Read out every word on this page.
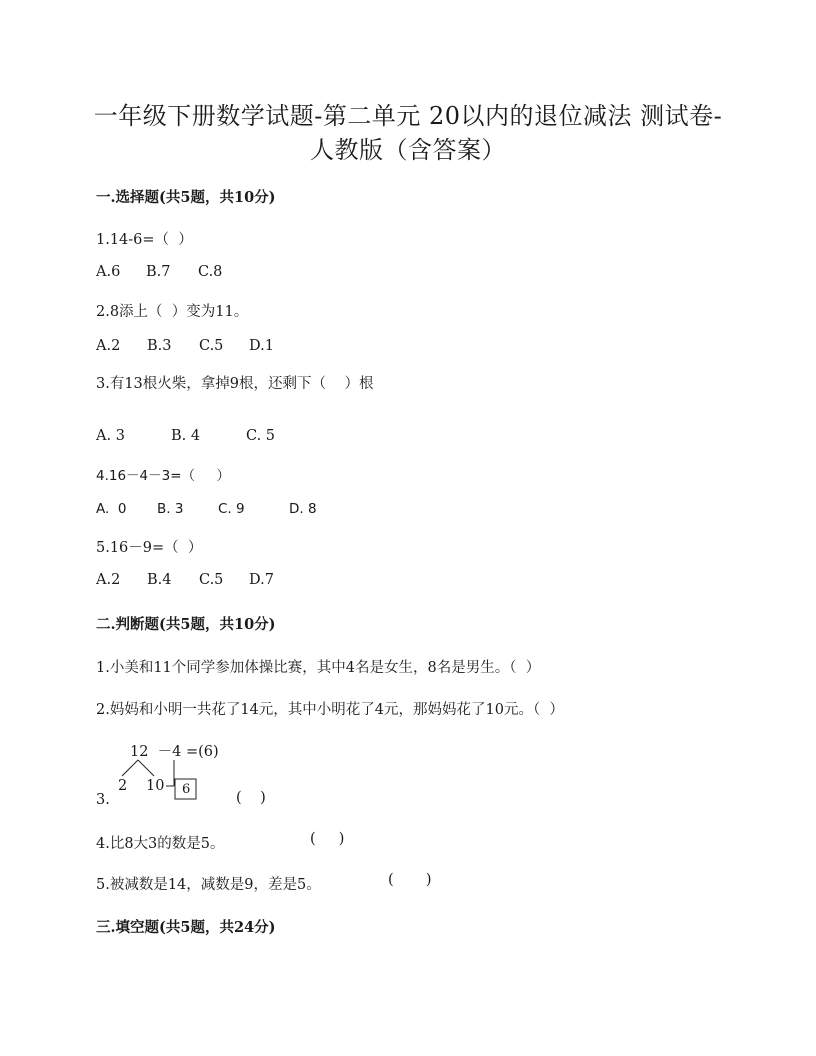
一年级下册数学试题-第二单元 20以内的退位减法 测试卷-
人教版（含答案）
一.选择题(共5题，共10分)
1.14-6=（  ）
A.6 B.7 C.8
2.8添上（  ）变为11。
A.2 B.3 C.5 D.1
3.有13根火柴，拿掉9根，还剩下（    ）根
A. 3	B. 4	C. 5
4.16－4－3=（     ）
A.  0 B. 3	C. 9	D. 8
5.16－9=（  ）
A.2 B.4 C.5 D.7
二.判断题(共5题，共10分)
1.小美和11个同学参加体操比赛，其中4名是女生，8名是男生。（  ）
2.妈妈和小明一共花了14元，其中小明花了4元，那妈妈花了10元。（  ）
12  －4 =(6)
2 10 6
3.	(    )
4.比8大3的数是5。	(     )
5.被减数是14，减数是9，差是5。	(       )
三.填空题(共5题，共24分)
